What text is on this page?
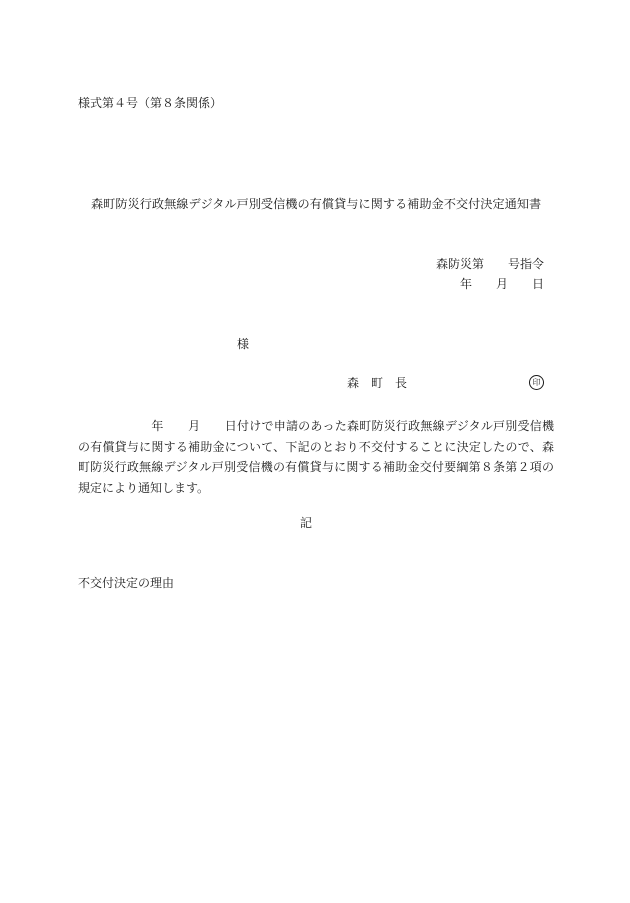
様式第４号（第８条関係）
森町防災行政無線デジタル戸別受信機の有償貸与に関する補助金不交付決定通知書
森防災第　　号指令
年　　月　　日
様
森　町　長	印
　　　　　　年　　月　　日付けで申請のあった森町防災行政無線デジタル戸別受信機の有償貸与に関する補助金について、下記のとおり不交付することに決定したので、森町防災行政無線デジタル戸別受信機の有償貸与に関する補助金交付要綱第８条第２項の規定により通知します。
記
不交付決定の理由
